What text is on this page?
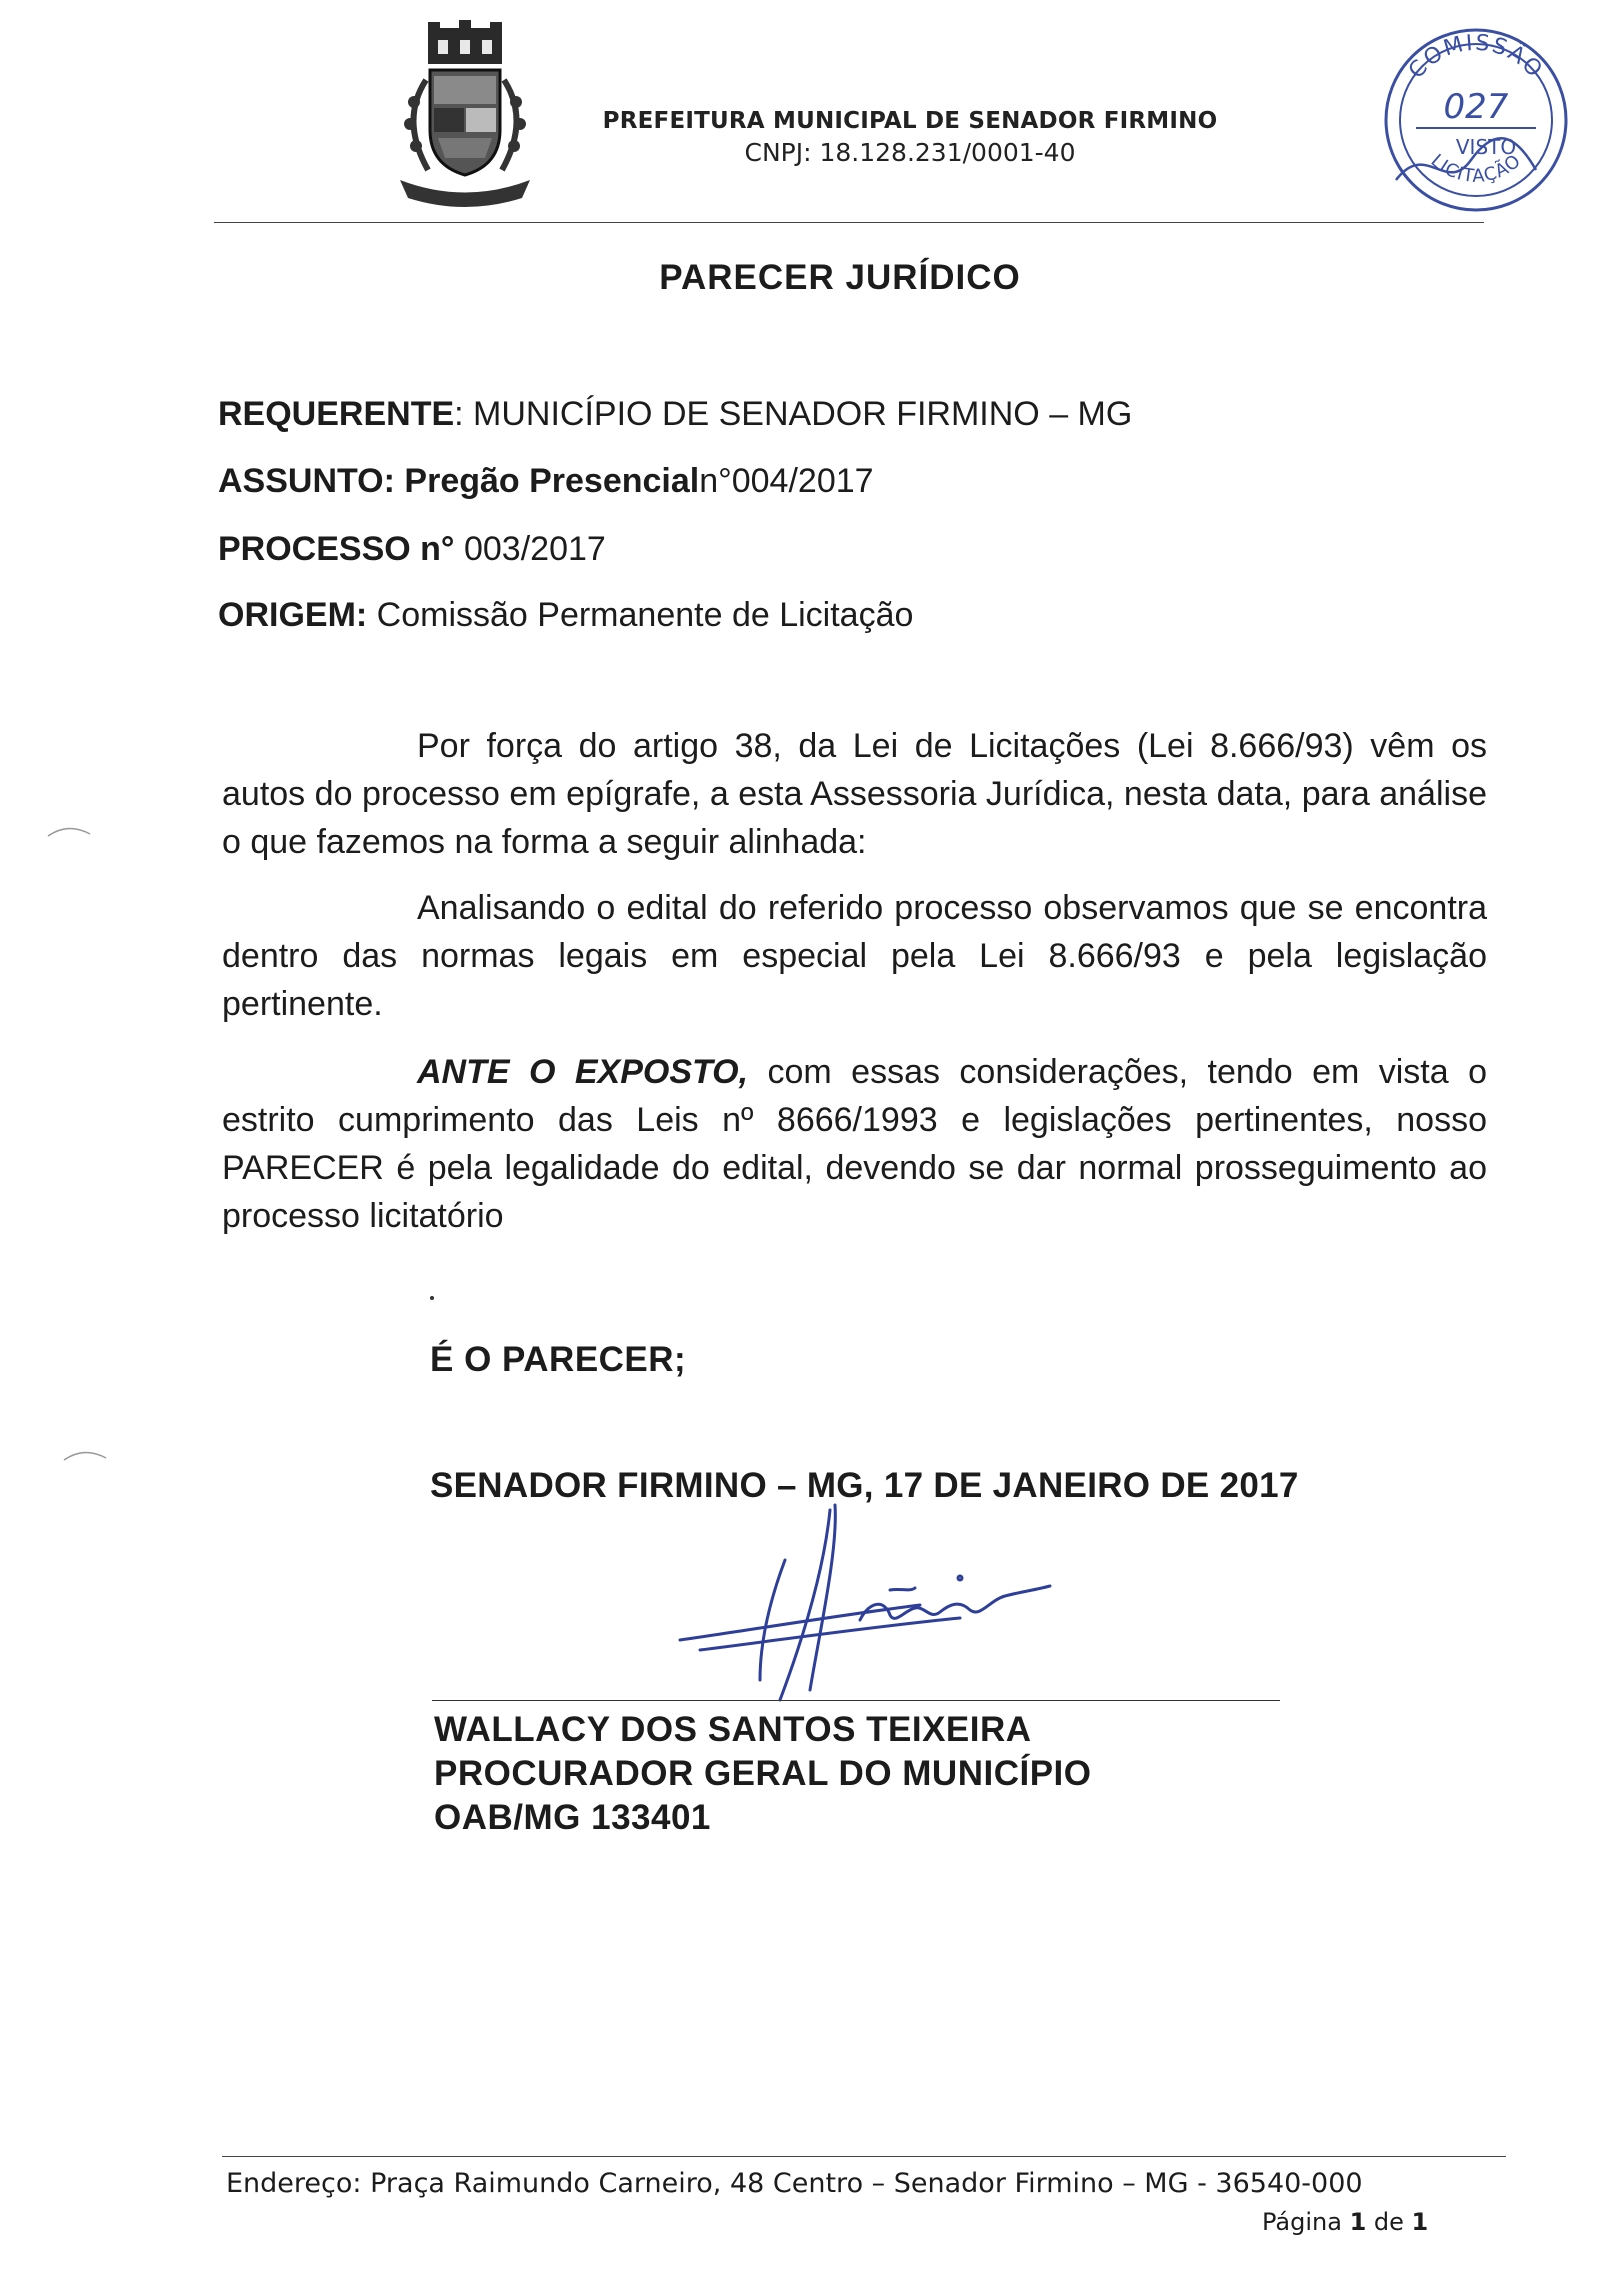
PREFEITURA MUNICIPAL DE SENADOR FIRMINO
CNPJ: 18.128.231/0001-40
COMISSÃO
027
VISTO
LICITAÇÃO
PARECER JURÍDICO
REQUERENTE: MUNICÍPIO DE SENADOR FIRMINO – MG
ASSUNTO: Pregão Presencialn°004/2017
PROCESSO n° 003/2017
ORIGEM: Comissão Permanente de Licitação
Por força do artigo 38, da Lei de Licitações (Lei 8.666/93) vêm os autos do processo em epígrafe, a esta Assessoria Jurídica, nesta data, para análise o que fazemos na forma a seguir alinhada:
Analisando o edital do referido processo observamos que se encontra dentro das normas legais em especial pela Lei 8.666/93 e pela legislação pertinente.
ANTE O EXPOSTO, com essas considerações, tendo em vista o estrito cumprimento das Leis nº 8666/1993 e legislações pertinentes, nosso PARECER é pela legalidade do edital, devendo se dar normal prosseguimento ao processo licitatório
É O PARECER;
SENADOR FIRMINO – MG, 17 DE JANEIRO DE 2017
WALLACY DOS SANTOS TEIXEIRA
PROCURADOR GERAL DO MUNICÍPIO
OAB/MG 133401
Endereço: Praça Raimundo Carneiro, 48 Centro – Senador Firmino – MG - 36540-000
Página 1 de 1
